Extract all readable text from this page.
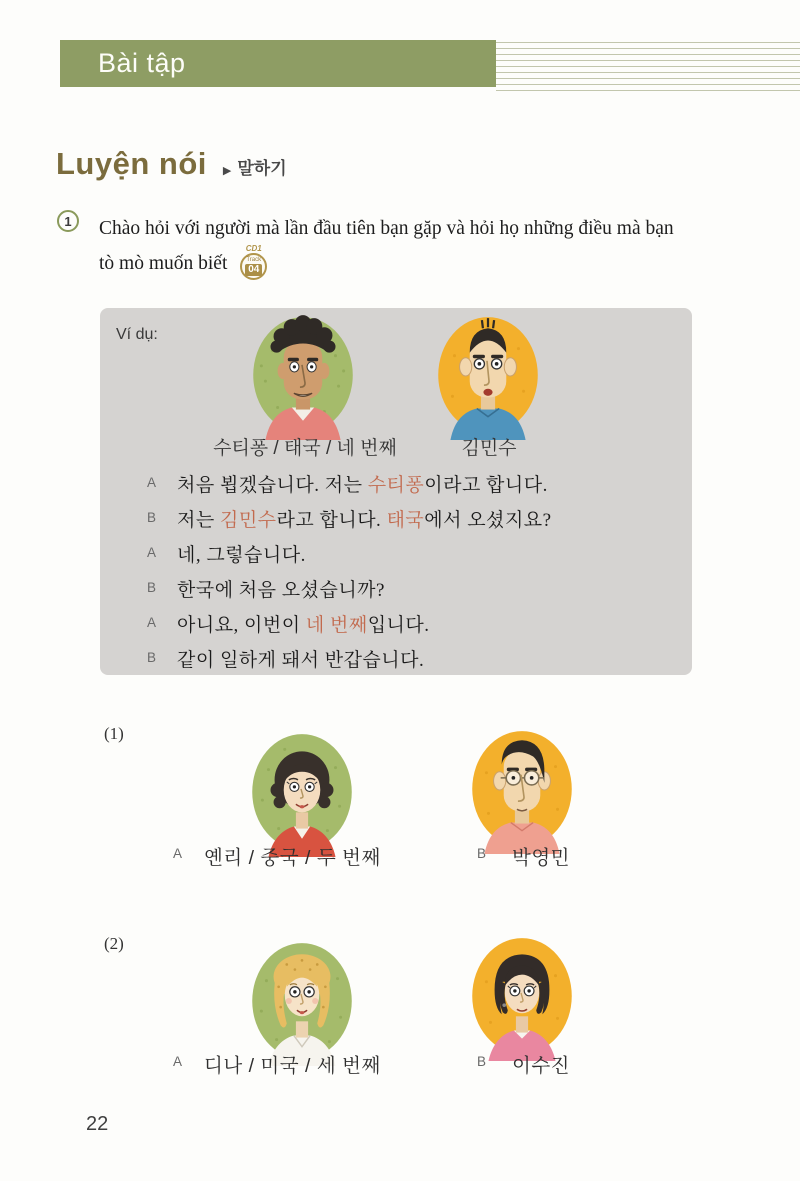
Bài tập
Luyện nói ▶ 말하기
1	Chào hỏi với người mà lần đầu tiên bạn gặp và hỏi họ những điều mà bạn
tò mò muốn biết
CD1
Track
04
Ví dụ:
수티퐁 / 태국 / 네 번째	김민수
A	처음 뵙겠습니다. 저는 수티퐁이라고 합니다.
B	저는 김민수라고 합니다. 태국에서 오셨지요?
A	네, 그렇습니다.
B	한국에 처음 오셨습니까?
A	아니요, 이번이 네 번째입니다.
B	같이 일하게 돼서 반갑습니다.
(1)
A 옌리 / 중국 / 두 번째	B 박영민
(2)
A 디나 / 미국 / 세 번째	B 이수진
22
